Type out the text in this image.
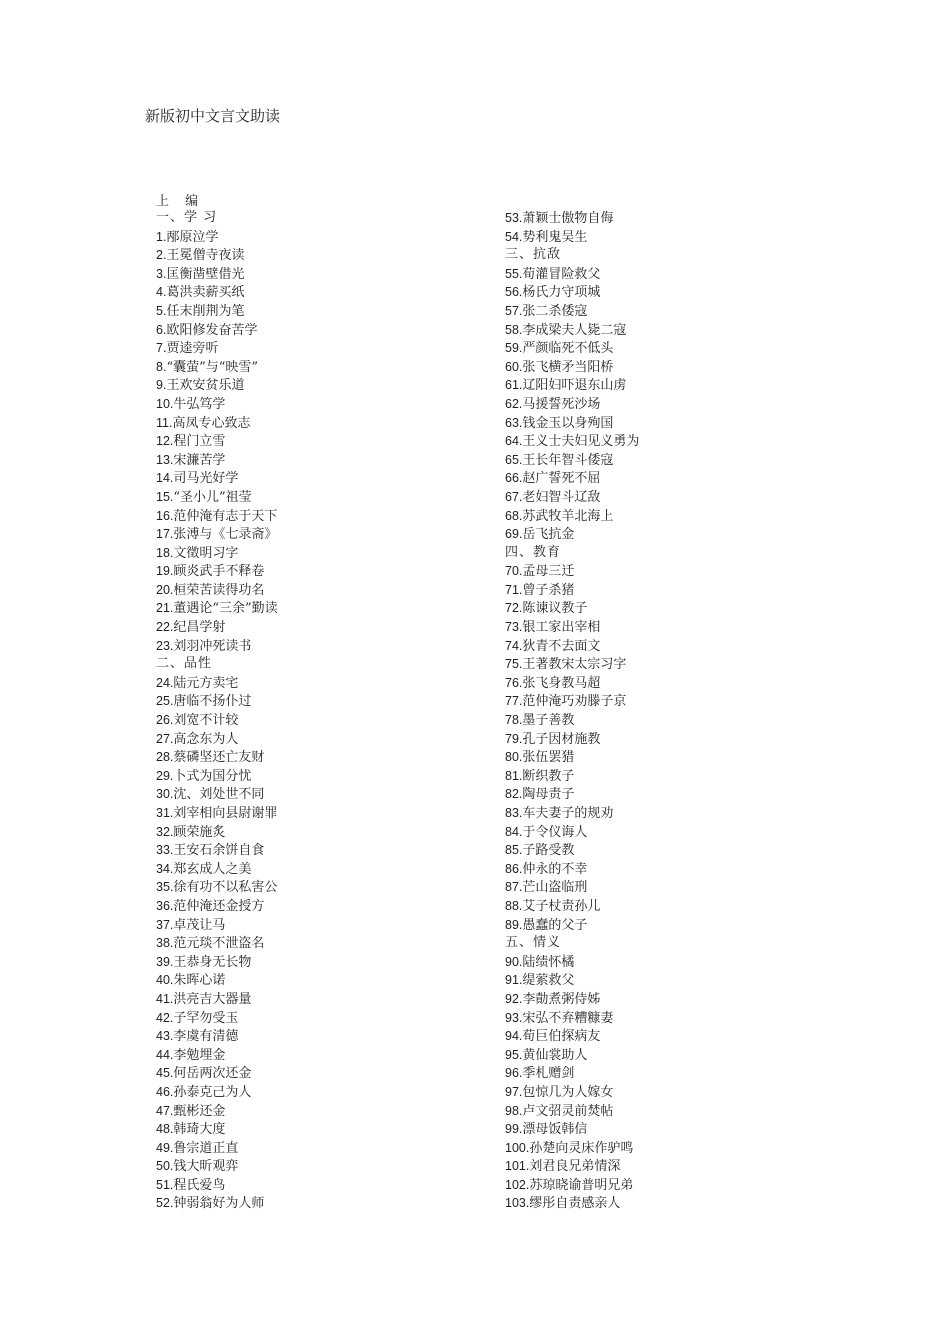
新版初中文言文助读
上 编
一、学 习
1.邴原泣学
2.王冕僧寺夜读
3.匡衡凿壁借光
4.葛洪卖薪买纸
5.任末削荆为笔
6.欧阳修发奋苦学
7.贾逵旁听
8.“囊萤”与“映雪”
9.王欢安贫乐道
10.牛弘笃学
11.高凤专心致志
12.程门立雪
13.宋濂苦学
14.司马光好学
15.“圣小儿”祖莹
16.范仲淹有志于天下
17.张溥与《七录斋》
18.文徵明习字
19.顾炎武手不释卷
20.桓荣苦读得功名
21.董遇论“三余”勤读
22.纪昌学射
23.刘羽冲死读书
二、品性
24.陆元方卖宅
25.唐临不扬仆过
26.刘宽不计较
27.高念东为人
28.蔡磷坚还亡友财
29.卜式为国分忧
30.沈、刘处世不同
31.刘宰相向县尉谢罪
32.顾荣施炙
33.王安石余饼自食
34.郑玄成人之美
35.徐有功不以私害公
36.范仲淹还金授方
37.卓茂让马
38.范元琰不泄盗名
39.王恭身无长物
40.朱晖心诺
41.洪亮吉大器量
42.子罕勿受玉
43.李虞有清德
44.李勉埋金
45.何岳两次还金
46.孙泰克己为人
47.甄彬还金
48.韩琦大度
49.鲁宗道正直
50.钱大昕观弈
51.程氏爱鸟
52.钟弱翁好为人师
53.萧颖士傲物自侮
54.势利鬼吴生
三、抗敌
55.荀灌冒险救父
56.杨氏力守项城
57.张二杀倭寇
58.李成梁夫人毙二寇
59.严颜临死不低头
60.张飞横矛当阳桥
61.辽阳妇吓退东山虏
62.马援誓死沙场
63.钱金玉以身殉国
64.王义士夫妇见义勇为
65.王长年智斗倭寇
66.赵广誓死不屈
67.老妇智斗辽敌
68.苏武牧羊北海上
69.岳飞抗金
四、教育
70.孟母三迁
71.曾子杀猪
72.陈谏议教子
73.银工家出宰相
74.狄青不去面文
75.王著教宋太宗习字
76.张飞身教马超
77.范仲淹巧劝滕子京
78.墨子善教
79.孔子因材施教
80.张伍罢猎
81.断织教子
82.陶母责子
83.车夫妻子的规劝
84.于令仪诲人
85.子路受教
86.仲永的不幸
87.芒山盗临刑
88.艾子杖责孙儿
89.愚蠢的父子
五、情义
90.陆绩怀橘
91.缇萦救父
92.李勣煮粥侍姊
93.宋弘不弃糟糠妻
94.荀巨伯探病友
95.黄仙裳助人
96.季札赠剑
97.包惊几为人嫁女
98.卢文弨灵前焚帖
99.漂母饭韩信
100.孙楚向灵床作驴鸣
101.刘君良兄弟情深
102.苏琼晓谕普明兄弟
103.缪彤自责感亲人
